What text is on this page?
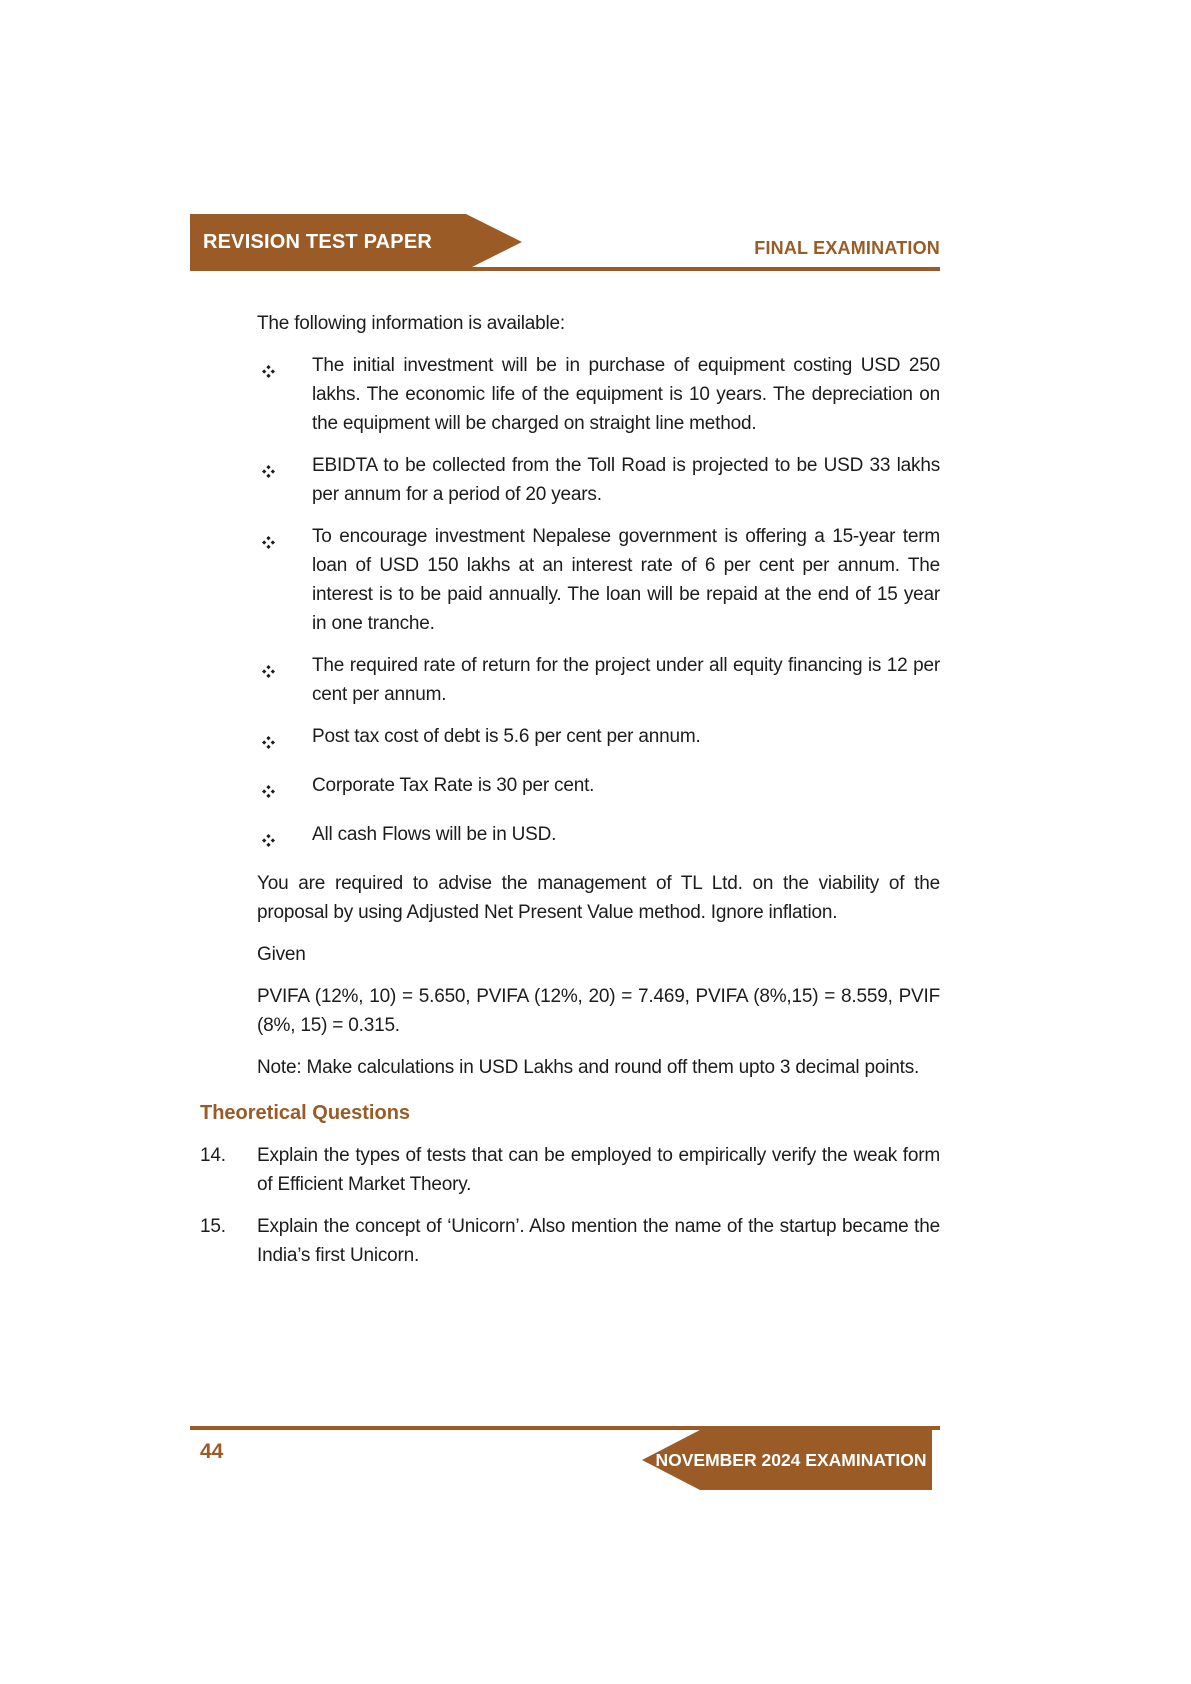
REVISION TEST PAPER	FINAL EXAMINATION

The following information is available:

The initial investment will be in purchase of equipment costing USD 250 lakhs. The economic life of the equipment is 10 years. The depreciation on the equipment will be charged on straight line method.
EBIDTA to be collected from the Toll Road is projected to be USD 33 lakhs per annum for a period of 20 years.
To encourage investment Nepalese government is offering a 15-year term loan of USD 150 lakhs at an interest rate of 6 per cent per annum. The interest is to be paid annually. The loan will be repaid at the end of 15 year in one tranche.
The required rate of return for the project under all equity financing is 12 per cent per annum.
Post tax cost of debt is 5.6 per cent per annum.
Corporate Tax Rate is 30 per cent.
All cash Flows will be in USD.

You are required to advise the management of TL Ltd. on the viability of the proposal by using Adjusted Net Present Value method. Ignore inflation.

Given

PVIFA (12%, 10) = 5.650, PVIFA (12%, 20) = 7.469, PVIFA (8%,15) = 8.559, PVIF (8%, 15) = 0.315.

Note: Make calculations in USD Lakhs and round off them upto 3 decimal points.

Theoretical Questions
14.	Explain the types of tests that can be employed to empirically verify the weak form of Efficient Market Theory.
15.	Explain the concept of ‘Unicorn’. Also mention the name of the startup became the India’s first Unicorn.
44	NOVEMBER 2024 EXAMINATION
